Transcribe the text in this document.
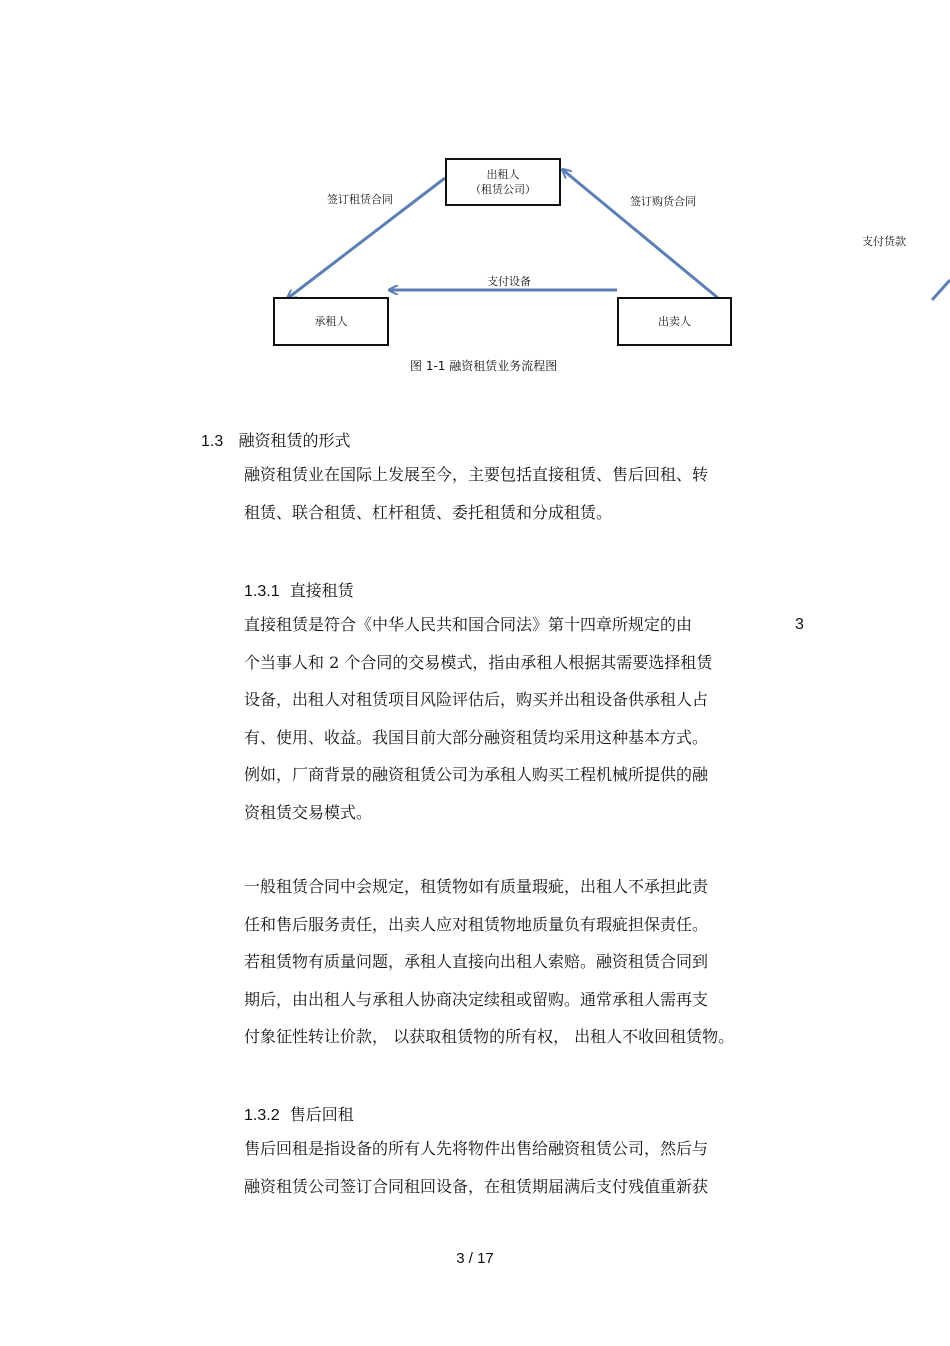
出租人
（租赁公司）
承租人	出卖人
签订租赁合同	签订购货合同
支付设备
支付货款
图 1-1 融资租赁业务流程图
1.3 融资租赁的形式
融资租赁业在国际上发展至今，主要包括直接租赁、售后回租、转
租赁、联合租赁、杠杆租赁、委托租赁和分成租赁。
1.3.1 直接租赁
直接租赁是符合《中华人民共和国合同法》第十四章所规定的由
个当事人和 2 个合同的交易模式，指由承租人根据其需要选择租赁
设备，出租人对租赁项目风险评估后，购买并出租设备供承租人占
有、使用、收益。我国目前大部分融资租赁均采用这种基本方式。
例如，厂商背景的融资租赁公司为承租人购买工程机械所提供的融
资租赁交易模式。
3
一般租赁合同中会规定，租赁物如有质量瑕疵，出租人不承担此责
任和售后服务责任，出卖人应对租赁物地质量负有瑕疵担保责任。
若租赁物有质量问题，承租人直接向出租人索赔。融资租赁合同到
期后，由出租人与承租人协商决定续租或留购。通常承租人需再支
付象征性转让价款， 以获取租赁物的所有权， 出租人不收回租赁物。
1.3.2 售后回租
售后回租是指设备的所有人先将物件出售给融资租赁公司，然后与
融资租赁公司签订合同租回设备，在租赁期届满后支付残值重新获
3 / 17
